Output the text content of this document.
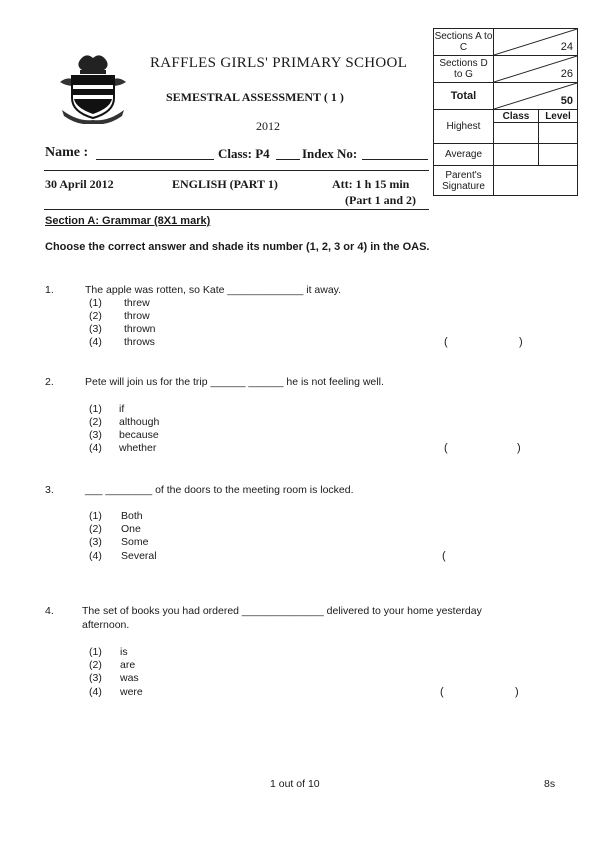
RAFFLES GIRLS' PRIMARY SCHOOL
SEMESTRAL ASSESSMENT ( 1 )
2012
Name :	Class: P4 Index No:
30 April 2012	ENGLISH (PART 1)	Att: 1 h 15 min
(Part 1 and 2)
Sections A to C	24	

Sections D to G	26	

Total	50	

Highest	Class	Level

Average		
Parent's Signature		
Section A: Grammar (8X1 mark)
Choose the correct answer and shade its number (1, 2, 3 or 4) in the OAS.
1.	The apple was rotten, so Kate _____________ it away.
(1) threw
(2) throw
(3) thrown
(4) throws	(	)
2.	Pete will join us for the trip ______ ______ he is not feeling well.
(1) if
(2) although
(3) because
(4) whether	(	)
3.	___ ________ of the doors to the meeting room is locked.
(1) Both
(2) One
(3) Some
(4) Several	(
4.	The set of books you had ordered ______________ delivered to your home yesterday
afternoon.
(1) is
(2) are
(3) was
(4) were	(	)
1 out of 10	8s
